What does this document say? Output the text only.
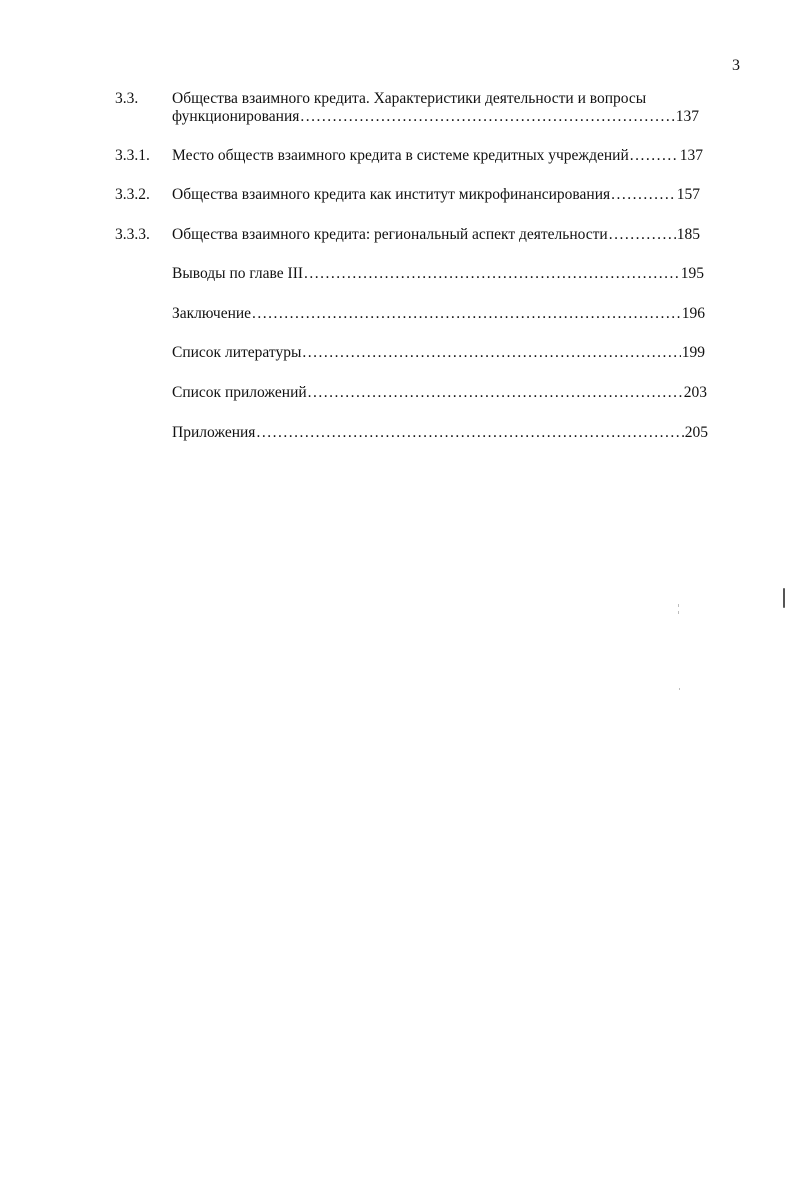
3
3.3. Общества взаимного кредита. Характеристики деятельности и вопросы
функционирования .....	137
3.3.1. Место обществ взаимного кредита в системе кредитных учреждений .....	137
3.3.2. Общества взаимного кредита как институт микрофинансирования .....	157
3.3.3. Общества взаимного кредита: региональный аспект деятельности .....	185
Выводы по главе III .....	195
Заключение .....	196
Список литературы .....	199
Список приложений .....	203
Приложения .....	205
